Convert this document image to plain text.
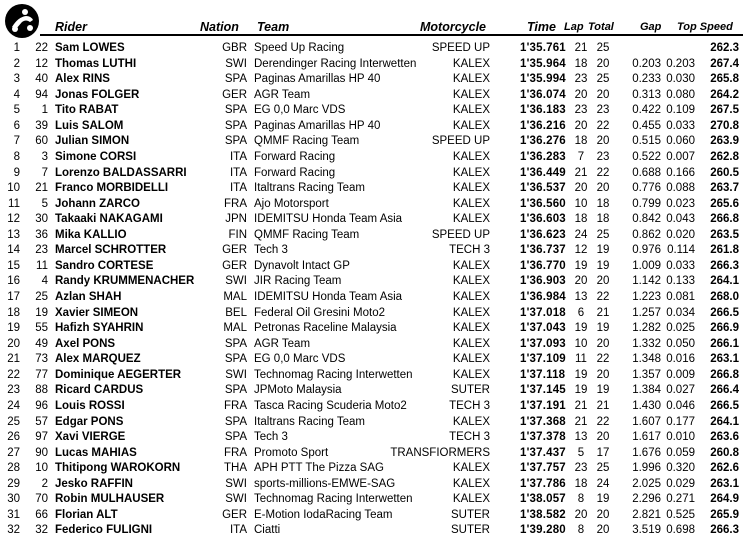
Rider	Nation Team	Motorcycle	Time Lap Total Gap Top Speed
1	22 Sam LOWES	GBR Speed Up Racing	SPEED UP	1'35.761 21 25	262.3
2	12 Thomas LUTHI	SWI Derendinger Racing Interwetten	KALEX	1'35.964 18 20	0.203 0.203	267.4
3	40 Alex RINS	SPA Paginas Amarillas HP 40	KALEX	1'35.994 23 25	0.233 0.030	265.8
4	94 Jonas FOLGER	GER AGR Team	KALEX	1'36.074 20 20	0.313 0.080	264.2
5	1 Tito RABAT	SPA EG 0,0 Marc VDS	KALEX	1'36.183 23 23	0.422 0.109	267.5
6	39 Luis SALOM	SPA Paginas Amarillas HP 40	KALEX	1'36.216 20 22	0.455 0.033	270.8
7	60 Julian SIMON	SPA QMMF Racing Team	SPEED UP	1'36.276 18 20	0.515 0.060	263.9
8	3 Simone CORSI	ITA Forward Racing	KALEX	1'36.283	7	23	0.522 0.007	262.8
9	7 Lorenzo BALDASSARRI	ITA Forward Racing	KALEX	1'36.449 21 22	0.688 0.166	260.5
10	21 Franco MORBIDELLI	ITA Italtrans Racing Team	KALEX	1'36.537 20 20	0.776 0.088	263.7
11	5 Johann ZARCO	FRA Ajo Motorsport	KALEX	1'36.560 10 18	0.799 0.023	265.6
12	30 Takaaki NAKAGAMI	JPN IDEMITSU Honda Team Asia	KALEX	1'36.603 18 18	0.842 0.043	266.8
13	36 Mika KALLIO	FIN QMMF Racing Team	SPEED UP	1'36.623 24 25	0.862 0.020	263.5
14	23 Marcel SCHROTTER	GER Tech 3	TECH 3	1'36.737 12 19	0.976 0.114	261.8
15	11 Sandro CORTESE	GER Dynavolt Intact GP	KALEX	1'36.770 19 19	1.009 0.033	266.3
16	4 Randy KRUMMENACHER	SWI JIR Racing Team	KALEX	1'36.903 20 20	1.142 0.133	264.1
17	25 Azlan SHAH	MAL IDEMITSU Honda Team Asia	KALEX	1'36.984 13 22	1.223 0.081	268.0
18	19 Xavier SIMEON	BEL Federal Oil Gresini Moto2	KALEX	1'37.018	6	21	1.257 0.034	266.5
19	55 Hafizh SYAHRIN	MAL Petronas Raceline Malaysia	KALEX	1'37.043 19 19	1.282 0.025	266.9
20	49 Axel PONS	SPA AGR Team	KALEX	1'37.093 10 20	1.332 0.050	266.1
21	73 Alex MARQUEZ	SPA EG 0,0 Marc VDS	KALEX	1'37.109 11 22	1.348 0.016	263.1
22	77 Dominique AEGERTER	SWI Technomag Racing Interwetten	KALEX	1'37.118 19 20	1.357 0.009	266.8
23	88 Ricard CARDUS	SPA JPMoto Malaysia	SUTER	1'37.145 19 19	1.384 0.027	266.4
24	96 Louis ROSSI	FRA Tasca Racing Scuderia Moto2	TECH 3	1'37.191 21 21	1.430 0.046	266.5
25	57 Edgar PONS	SPA Italtrans Racing Team	KALEX	1'37.368 21 22	1.607 0.177	264.1
26	97 Xavi VIERGE	SPA Tech 3	TECH 3	1'37.378 13 20	1.617 0.010	263.6
27	90 Lucas MAHIAS	FRA Promoto Sport	TRANSFIORMERS	1'37.437	5	17	1.676 0.059	260.8
28	10 Thitipong WAROKORN	THA APH PTT The Pizza SAG	KALEX	1'37.757 23 25	1.996 0.320	262.6
29	2 Jesko RAFFIN	SWI sports-millions-EMWE-SAG	KALEX	1'37.786 18 24	2.025 0.029	263.1
30	70 Robin MULHAUSER	SWI Technomag Racing Interwetten	KALEX	1'38.057	8	19	2.296 0.271	264.9
31	66 Florian ALT	GER E-Motion IodaRacing Team	SUTER	1'38.582 20 20	2.821 0.525	265.9
32	32 Federico FULIGNI	ITA Ciatti	SUTER	1'39.280	8	20	3.519 0.698	266.3
